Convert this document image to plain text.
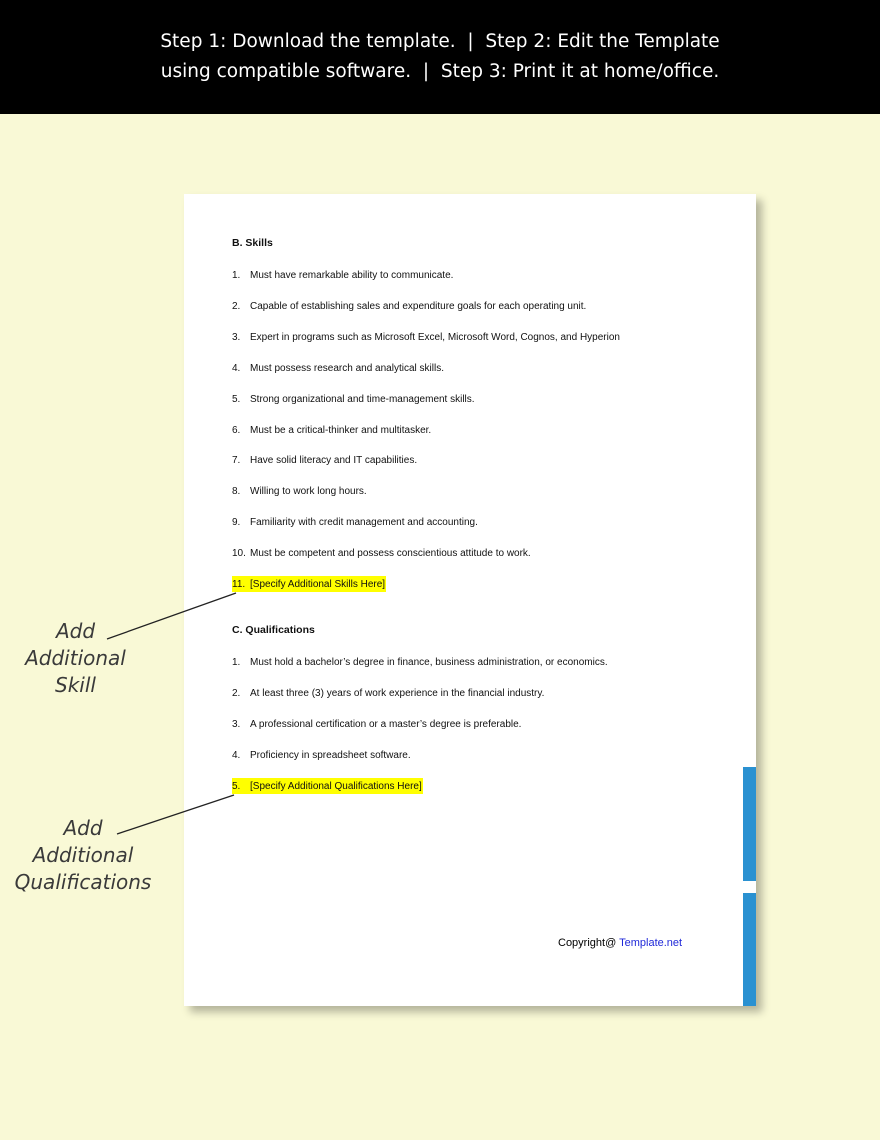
Step 1: Download the template.  |  Step 2: Edit the Template
using compatible software.  |  Step 3: Print it at home/office.
B. Skills
1. Must have remarkable ability to communicate.
2. Capable of establishing sales and expenditure goals for each operating unit.
3. Expert in programs such as Microsoft Excel, Microsoft Word, Cognos, and Hyperion
4. Must possess research and analytical skills.
5. Strong organizational and time-management skills.
6. Must be a critical-thinker and multitasker.
7. Have solid literacy and IT capabilities.
8. Willing to work long hours.
9. Familiarity with credit management and accounting.
10. Must be competent and possess conscientious attitude to work.
11. [Specify Additional Skills Here]
C. Qualifications
1. Must hold a bachelor’s degree in finance, business administration, or economics.
2. At least three (3) years of work experience in the financial industry.
3. A professional certification or a master’s degree is preferable.
4. Proficiency in spreadsheet software.
5. [Specify Additional Qualifications Here]
Copyright@ Template.net
Add
Additional
Skill
Add
Additional
Qualifications
